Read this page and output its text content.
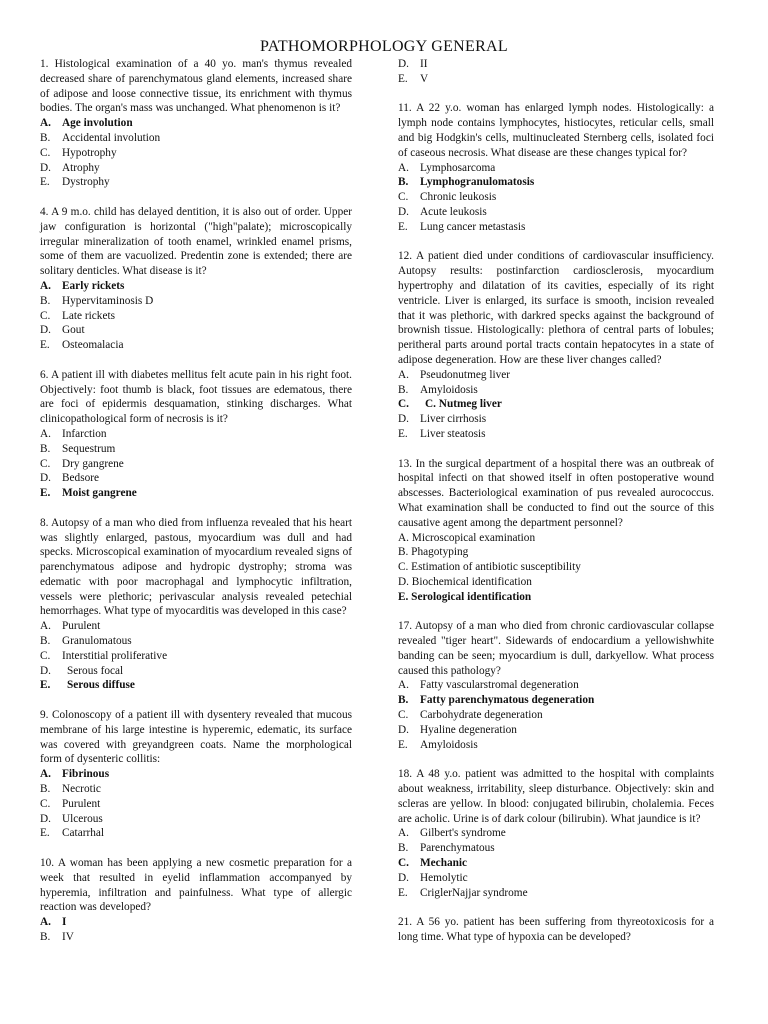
PATHOMORPHOLOGY GENERAL

1. Histological examination of a 40 yo. man's thymus revealed decreased share of parenchymatous gland elements, increased share of adipose and loose connective tissue, its enrichment with thymus bodies. The organ's mass was unchanged. What phenomenon is it?

A. Age involution
B. Accidental involution
C. Hypotrophy
D. Atrophy
E. Dystrophy

4. A 9 m.o. child has delayed dentition, it is also out of order. Upper jaw configuration is horizontal ("high"palate); microscopically irregular mineralization of tooth enamel, wrinkled enamel prisms, some of them are vacuolized. Predentin zone is extended; there are solitary denticles. What disease is it?

A. Early rickets
B. Hypervitaminosis D
C. Late rickets
D. Gout
E. Osteomalacia

6. A patient ill with diabetes mellitus felt acute pain in his right foot. Objectively: foot thumb is black, foot tissues are edematous, there are foci of epidermis desquamation, stinking discharges. What clinicopathological form of necrosis is it?

A. Infarction
B. Sequestrum
C. Dry gangrene
D. Bedsore
E. Moist gangrene

8. Autopsy of a man who died from influenza revealed that his heart was slightly enlarged, pastous, myocardium was dull and had specks. Microscopical examination of myocardium revealed signs of parenchymatous adipose and hydropic dystrophy; stroma was edematic with poor macrophagal and lymphocytic infiltration, vessels were plethoric; perivascular analysis revealed petechial hemorrhages. What type of myocarditis was developed in this case?

A. Purulent
B. Granulomatous
C. Interstitial proliferative
D. Serous focal
E. Serous diffuse

9. Colonoscopy of a patient ill with dysentery revealed that mucous membrane of his large intestine is hyperemic, edematic, its surface was covered with greyandgreen coats. Name the morphological form of dysenteric collitis:

A. Fibrinous
B. Necrotic
C. Purulent
D. Ulcerous
E. Catarrhal

10. A woman has been applying a new cosmetic preparation for a week that resulted in eyelid inflammation accompanyed by hyperemia, infiltration and painfulness. What type of allergic reaction was developed?

A. I
B. IV
D. II
E. V

11. A 22 y.o. woman has enlarged lymph nodes. Histologically: a lymph node contains lymphocytes, histiocytes, reticular cells, small and big Hodgkin's cells, multinucleated Sternberg cells, isolated foci of caseous necrosis. What disease are these changes typical for?

A. Lymphosarcoma
B. Lymphogranulomatosis
C. Chronic leukosis
D. Acute leukosis
E. Lung cancer metastasis

12. A patient died under conditions of cardiovascular insufficiency. Autopsy results: postinfarction cardiosclerosis, myocardium hypertrophy and dilatation of its cavities, especially of its right ventricle. Liver is enlarged, its surface is smooth, incision revealed that it was plethoric, with darkred specks against the background of brownish tissue. Histologically: plethora of central parts of lobules; peritheral parts around portal tracts contain hepatocytes in a state of adipose degeneration. How are these liver changes called?

A. Pseudonutmeg liver
B. Amyloidosis
C. C. Nutmeg liver
D. Liver cirrhosis
E. Liver steatosis

13. In the surgical department of a hospital there was an outbreak of hospital infecti on that showed itself in often postoperative wound abscesses. Bacteriological examination of pus revealed aurococcus. What examination shall be conducted to find out the source of this causative agent among the department personnel?

A. Microscopical examination
B. Phagotyping
C. Estimation of antibiotic susceptibility
D. Biochemical identification
E. Serological identification

17. Autopsy of a man who died from chronic cardiovascular collapse revealed "tiger heart". Sidewards of endocardium a yellowishwhite banding can be seen; myocardium is dull, darkyellow. What process caused this pathology?

A. Fatty vascularstromal degeneration
B. Fatty parenchymatous degeneration
C. Carbohydrate degeneration
D. Hyaline degeneration
E. Amyloidosis

18. A 48 y.o. patient was admitted to the hospital with complaints about weakness, irritability, sleep disturbance. Objectively: skin and scleras are yellow. In blood: conjugated bilirubin, cholalemia. Feces are acholic. Urine is of dark colour (bilirubin). What jaundice is it?

A. Gilbert's syndrome
B. Parenchymatous
C. Mechanic
D. Hemolytic
E. CriglerNajjar syndrome

21. A 56 yo. patient has been suffering from thyreotoxicosis for a long time. What type of hypoxia can be developed?
